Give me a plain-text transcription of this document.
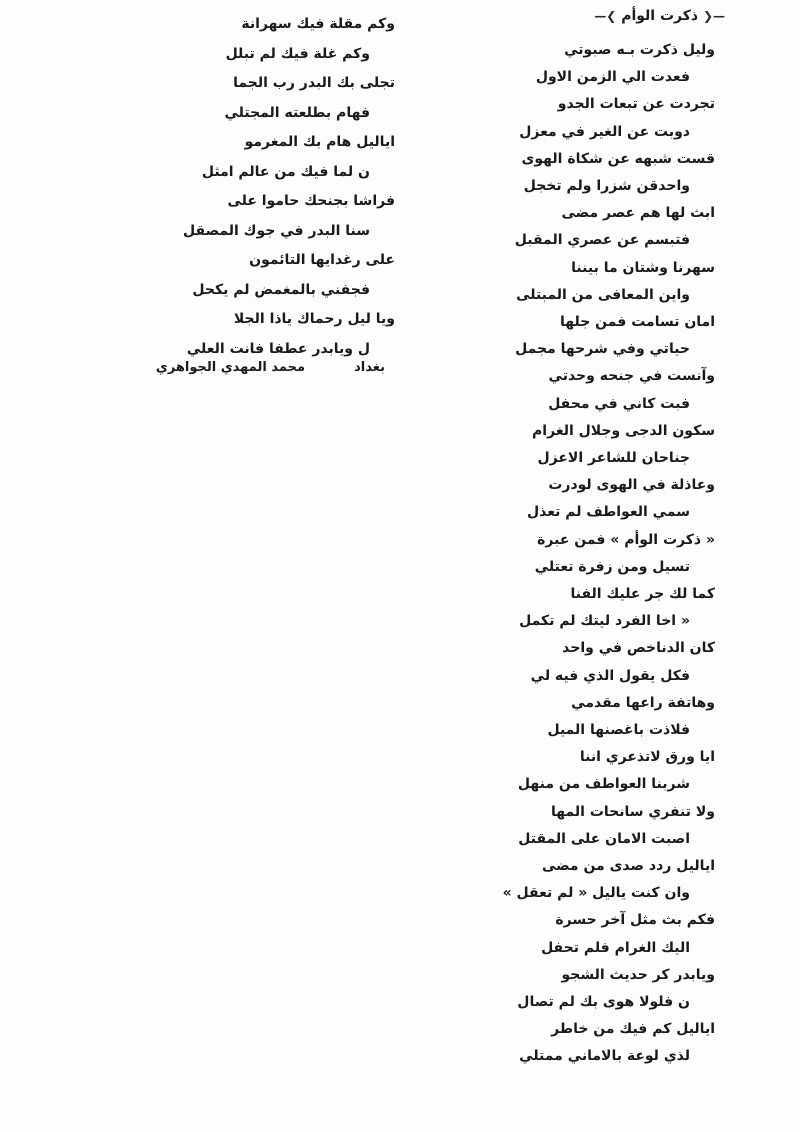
—❮ ذكرت الوأم ❯—
وليل ذكرت بـه صبوتي
فعدت الي الزمن الاول
تجردت عن تبعات الجدو
دوبت عن الغير في معزل
قست شبهه عن شكاة الهوى
واحدقن شزرا ولم تخجل
ابث لها هم عصر مضى
فتبسم عن عصري المقبل
سهرنا وشتان ما بيننا
واين المعافى من المبتلى
امان تسامت فمن جلها
حياتي وفي شرحها مجمل
وآنست في جنحه وحدتي
فبت كاني في محفل
سكون الدجى وجلال الغرام
جناحان للشاعر الاعزل
وعاذلة في الهوى لودرت
سمي العواطف لم تعذل
« ذكرت الوأم » فمن عبرة
تسيل ومن زفرة تعتلي
كما لك جر عليك الفنا
« اخا الفرد ليتك لم تكمل
كان الدناخص في واحد
فكل يقول الذي فيه لي
وهاتفة راعها مقدمي
فلاذت باغصنها الميل
ايا ورق لاتذعري اننا
شربنا العواطف من منهل
ولا تنفري سانحات المها
اصبت الامان على المقتل
اياليل ردد صدى من مضى
وان كنت ياليل « لم تعقل »
فكم بث مثل آخر حسرة
اليك الغرام فلم تحفل
ويابدر كر حديث الشجو
ن فلولا هوى بك لم تصال
اياليل كم فيك من خاطر
لذي لوعة بالاماني ممتلي
وكم مقلة فيك سهرانة
وكم غلة فيك لم تبلل
تجلى بك البدر رب الجما
فهام بطلعته المجتلي
اياليل هام بك المغرمو
ن لما فيك من عالم امثل
فراشا بجنحك حاموا على
سنا البدر في جوك المصقل
على رغدايها التائمون
فجفني بالمغمض لم يكحل
ويا ليل رحماك ياذا الجلا
ل ويابدر عطفا فانت العلي
بغداد
محمد المهدي الجواهري
